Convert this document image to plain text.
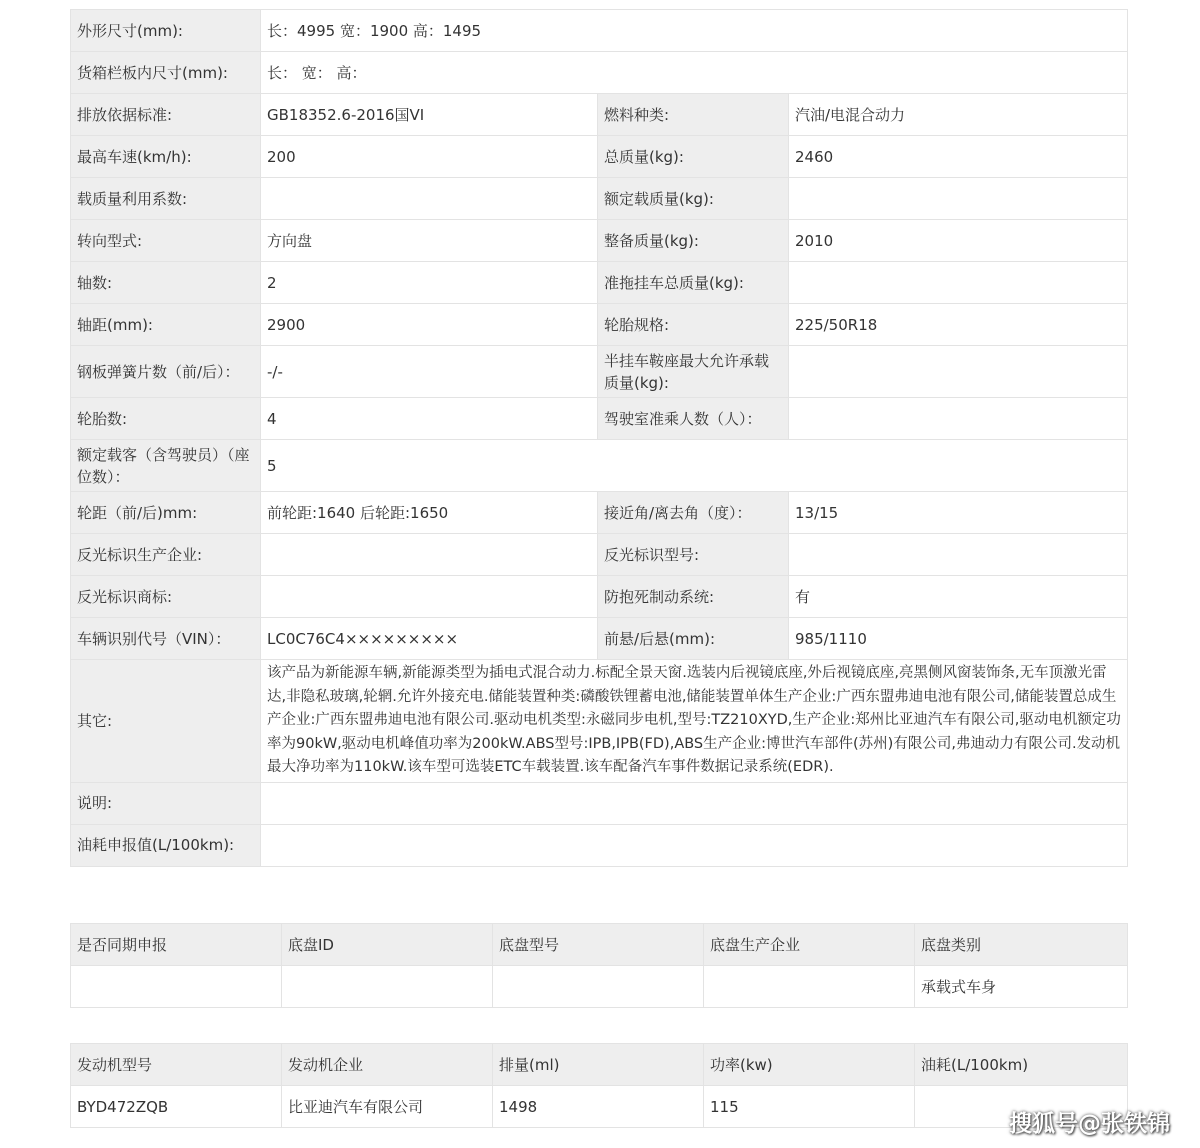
外形尺寸(mm):	长：4995 宽：1900 高：1495		
货箱栏板内尺寸(mm):	长： 宽： 高：		
排放依据标准:	GB18352.6-2016国VI	燃料种类:	汽油/电混合动力
最高车速(km/h):	200	总质量(kg):	2460
载质量利用系数:		额定载质量(kg):	
转向型式:	方向盘	整备质量(kg):	2010
轴数:	2	准拖挂车总质量(kg):	
轴距(mm):	2900	轮胎规格:	225/50R18
钢板弹簧片数（前/后）：	-/-	半挂车鞍座最大允许承载质量(kg):	
轮胎数:	4	驾驶室准乘人数（人）：	
额定载客（含驾驶员）（座位数）：	5		
轮距（前/后)mm:	前轮距:1640 后轮距:1650	接近角/离去角（度）：	13/15
反光标识生产企业:		反光标识型号:	
反光标识商标:		防抱死制动系统:	有
车辆识别代号（VIN）：	LC0C76C4×××××××××	前悬/后悬(mm):	985/1110
其它:	该产品为新能源车辆,新能源类型为插电式混合动力.标配全景天窗.选装内后视镜底座,外后视镜底座,亮黑侧风窗装饰条,无车顶激光雷达,非隐私玻璃,轮辋.允许外接充电.储能装置种类:磷酸铁锂蓄电池,储能装置单体生产企业:广西东盟弗迪电池有限公司,储能装置总成生产企业:广西东盟弗迪电池有限公司.驱动电机类型:永磁同步电机,型号:TZ210XYD,生产企业:郑州比亚迪汽车有限公司,驱动电机额定功率为90kW,驱动电机峰值功率为200kW.ABS型号:IPB,IPB(FD),ABS生产企业:博世汽车部件(苏州)有限公司,弗迪动力有限公司.发动机最大净功率为110kW.该车型可选装ETC车载装置.该车配备汽车事件数据记录系统(EDR).		
说明:			
油耗申报值(L/100km):			
是否同期申报	底盘ID	底盘型号	底盘生产企业	底盘类别
				承载式车身
发动机型号	发动机企业	排量(ml)	功率(kw)	油耗(L/100km)
BYD472ZQB	比亚迪汽车有限公司	1498	115	
搜狐号@张铁锦
